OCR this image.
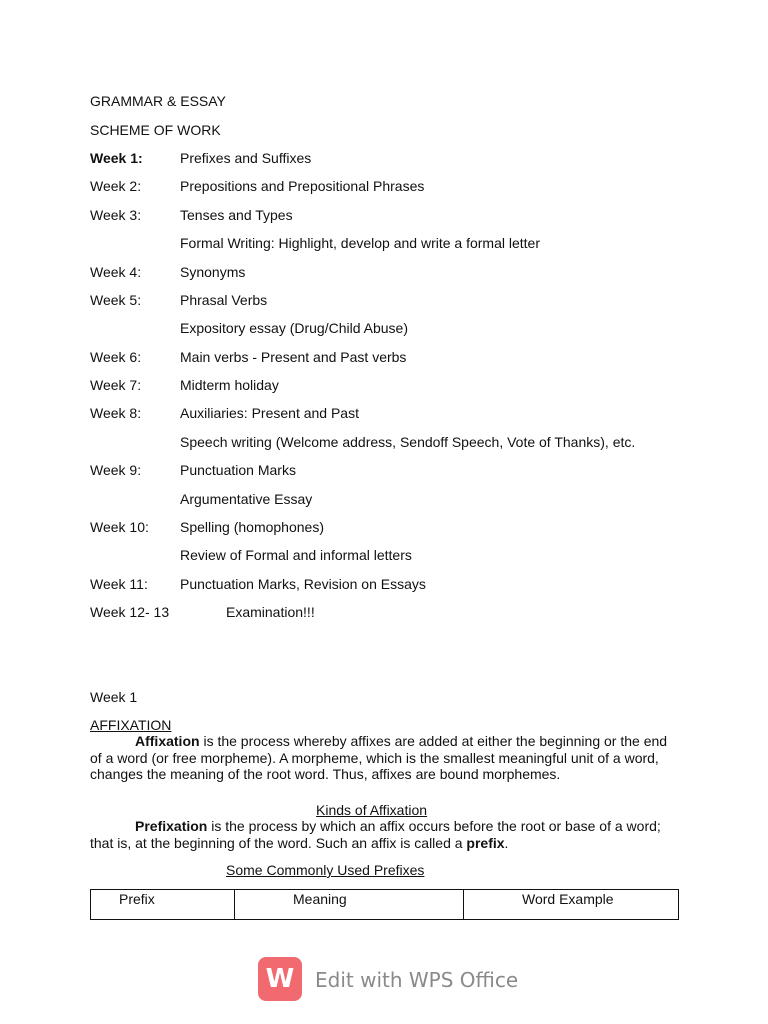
GRAMMAR & ESSAY
SCHEME OF WORK
Week 1:	Prefixes and Suffixes
Week 2:	Prepositions and Prepositional Phrases
Week 3:	Tenses and Types
Formal Writing: Highlight, develop and write a formal letter
Week 4:	Synonyms
Week 5:	Phrasal Verbs
Expository essay (Drug/Child Abuse)
Week 6:	Main verbs - Present and Past verbs
Week 7:	Midterm holiday
Week 8:	Auxiliaries: Present and Past
Speech writing (Welcome address, Sendoff Speech, Vote of Thanks), etc.
Week 9:	Punctuation Marks
Argumentative Essay
Week 10: Spelling (homophones)
Review of Formal and informal letters
Week 11: Punctuation Marks, Revision on Essays
Week 12- 13	Examination!!!
Week 1
AFFIXATION
Affixation is the process whereby affixes are added at either the beginning or the end of a word (or free morpheme). A morpheme, which is the smallest meaningful unit of a word, changes the meaning of the root word. Thus, affixes are bound morphemes.
Kinds of Affixation
Prefixation is the process by which an affix occurs before the root or base of a word; that is, at the beginning of the word. Such an affix is called a prefix.
Some Commonly Used Prefixes
Prefix	Meaning	Word Example
W	Edit with WPS Office
